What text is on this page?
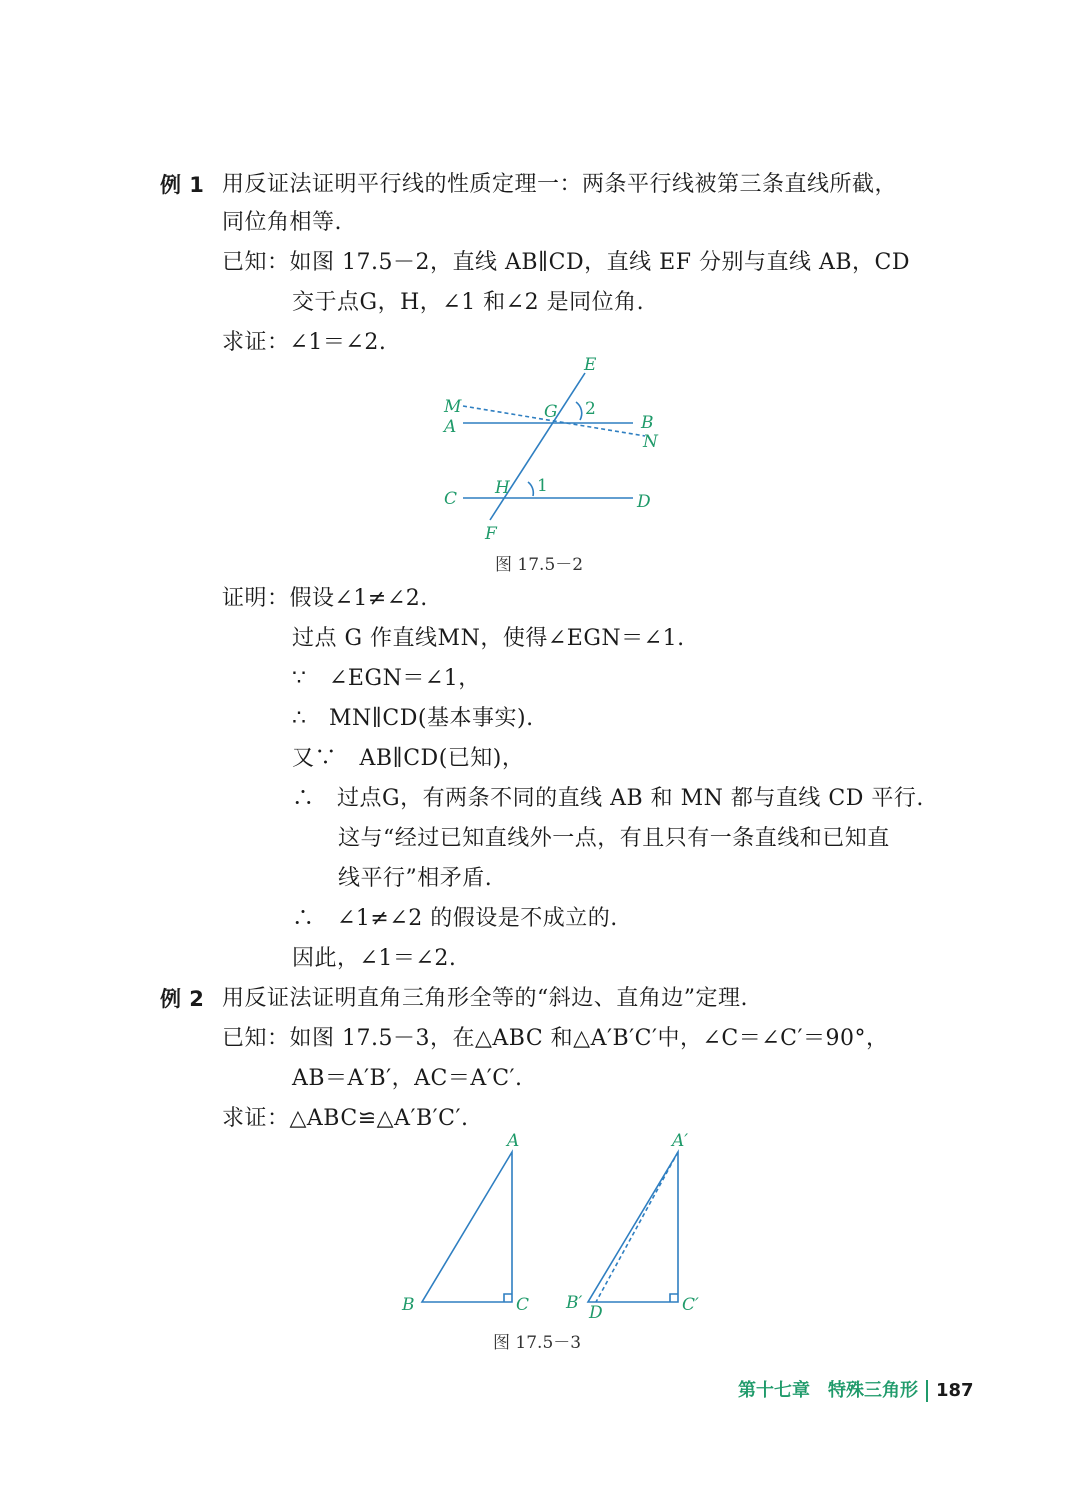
例 1 用反证法证明平行线的性质定理一：两条平行线被第三条直线所截，
同位角相等.
已知：如图 17.5－2，直线 AB∥CD，直线 EF 分别与直线 AB，CD
交于点G，H，∠1 和∠2 是同位角.
求证：∠1＝∠2.
E
M	G 2
B
A
N
C
H 1
D
F
A
B	C
A′
B′ D	C′
图 17.5－2
证明：假设∠1≠∠2.
过点 G 作直线MN，使得∠EGN＝∠1.
∵　∠EGN＝∠1，
∴　MN∥CD(基本事实).
又∵　AB∥CD(已知)，
∴　过点G，有两条不同的直线 AB 和 MN 都与直线 CD 平行.
这与“经过已知直线外一点，有且只有一条直线和已知直
线平行”相矛盾.
∴　∠1≠∠2 的假设是不成立的.
因此，∠1＝∠2.
例 2 用反证法证明直角三角形全等的“斜边、直角边”定理.
已知：如图 17.5－3，在△ABC 和△A′B′C′中，∠C＝∠C′＝90°，
AB＝A′B′，AC＝A′C′.
求证：△ABC≌△A′B′C′.
图 17.5－3
第十七章　特殊三角形 187
